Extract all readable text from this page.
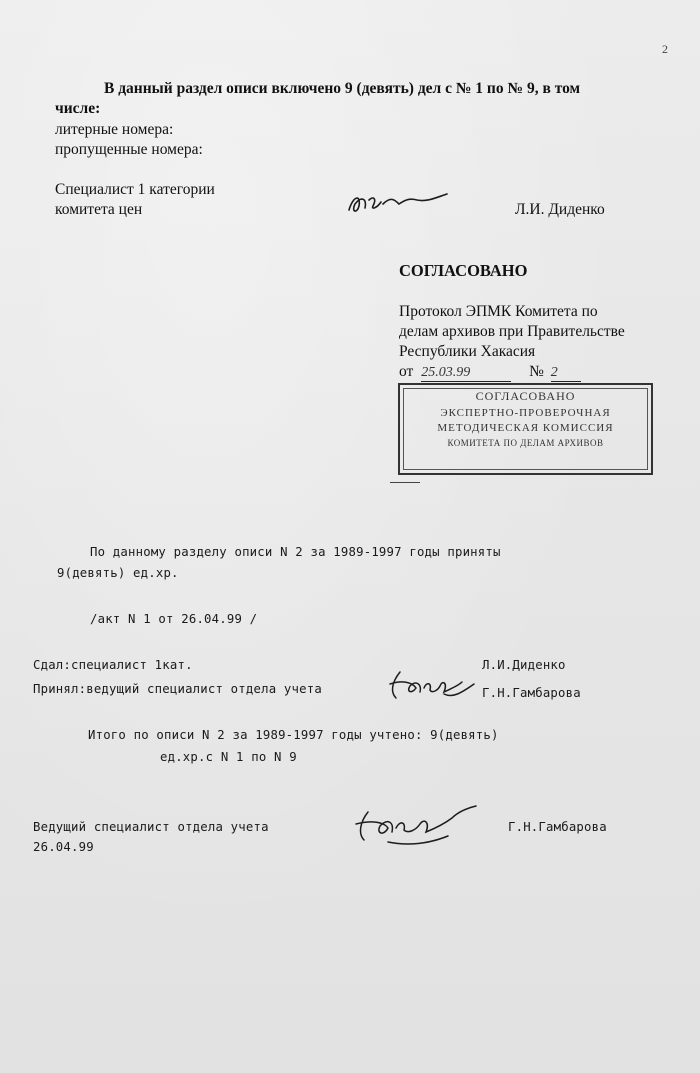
2
В данный раздел описи включено 9 (девять) дел с № 1 по № 9, в том
числе:
литерные номера:
пропущенные номера:
Специалист 1 категории
комитета цен	Л.И. Диденко
СОГЛАСОВАНО
Протокол ЭПМК Комитета по
делам архивов при Правительстве
Республики Хакасия
от 25.03.99	№ 2
СОГЛАСОВАНО
ЭКСПЕРТНО-ПРОВЕРОЧНАЯ
МЕТОДИЧЕСКАЯ КОМИССИЯ
КОМИТЕТА ПО ДЕЛАМ АРХИВОВ
По данному разделу описи N 2 за 1989-1997 годы приняты
9(девять) ед.хр.
/акт N 1 от 26.04.99 /
Сдал:специалист 1кат.	Л.И.Диденко
Принял:ведущий специалист отдела учета	Г.Н.Гамбарова
Итого по описи N 2 за 1989-1997 годы учтено: 9(девять)
ед.хр.с N 1 по N 9
Ведущий специалист отдела учета	Г.Н.Гамбарова
26.04.99
